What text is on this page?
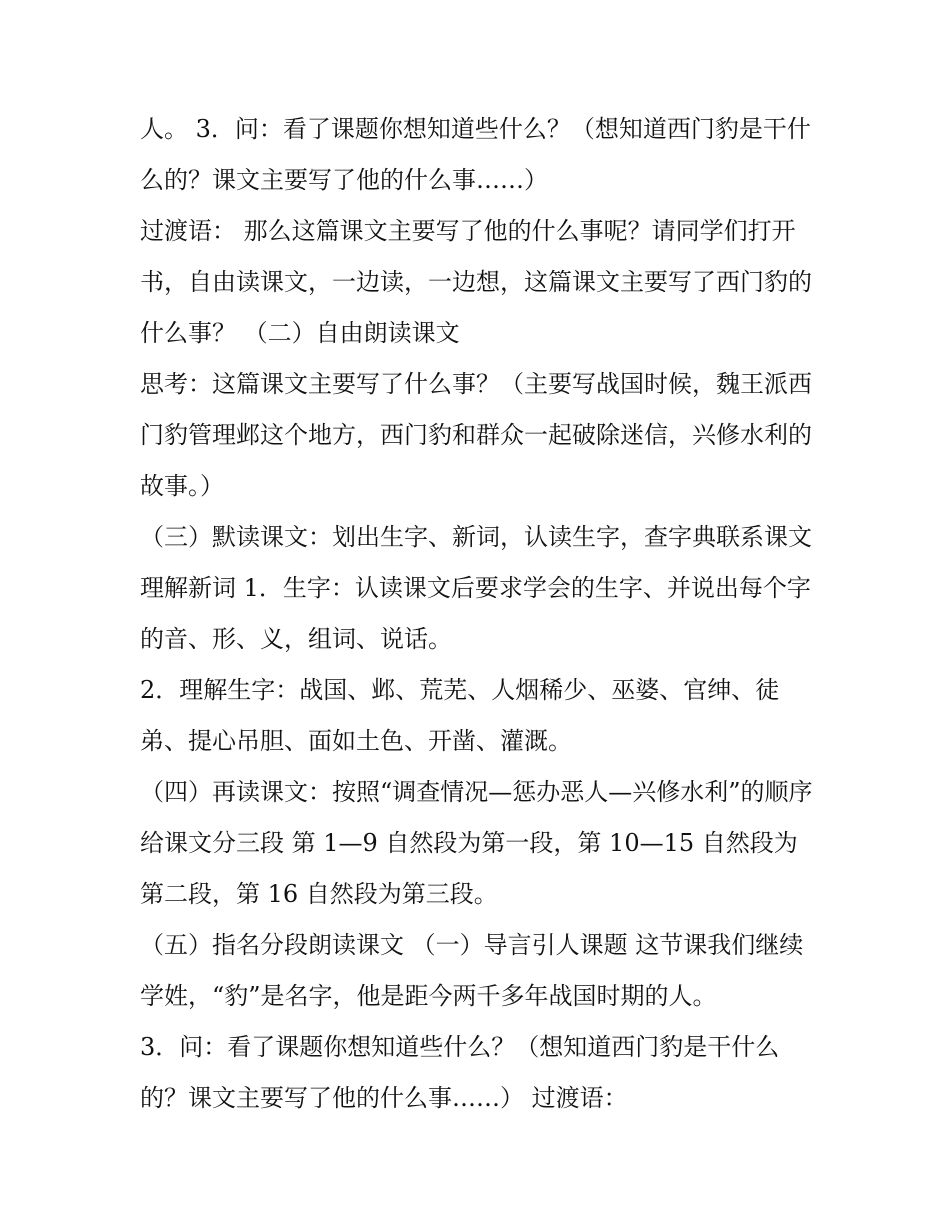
人。 3．问：看了课题你想知道些什么？（想知道西门豹是干什么的？课文主要写了他的什么事……）

过渡语： 那么这篇课文主要写了他的什么事呢？请同学们打开书，自由读课文，一边读，一边想，这篇课文主要写了西门豹的什么事？ （二）自由朗读课文

思考：这篇课文主要写了什么事？（主要写战国时候，魏王派西门豹管理邺这个地方，西门豹和群众一起破除迷信，兴修水利的故事。）

（三）默读课文：划出生字、新词，认读生字，查字典联系课文理解新词 1．生字：认读课文后要求学会的生字、并说出每个字的音、形、义，组词、说话。

2．理解生字：战国、邺、荒芜、人烟稀少、巫婆、官绅、徒弟、提心吊胆、面如土色、开凿、灌溉。

（四）再读课文：按照“调查情况—惩办恶人—兴修水利”的顺序给课文分三段 第 1—9 自然段为第一段，第 10—15 自然段为第二段，第 16 自然段为第三段。

（五）指名分段朗读课文 （一）导言引人课题 这节课我们继续学姓，“豹”是名字，他是距今两千多年战国时期的人。

3．问：看了课题你想知道些什么？（想知道西门豹是干什么的？课文主要写了他的什么事……） 过渡语：
